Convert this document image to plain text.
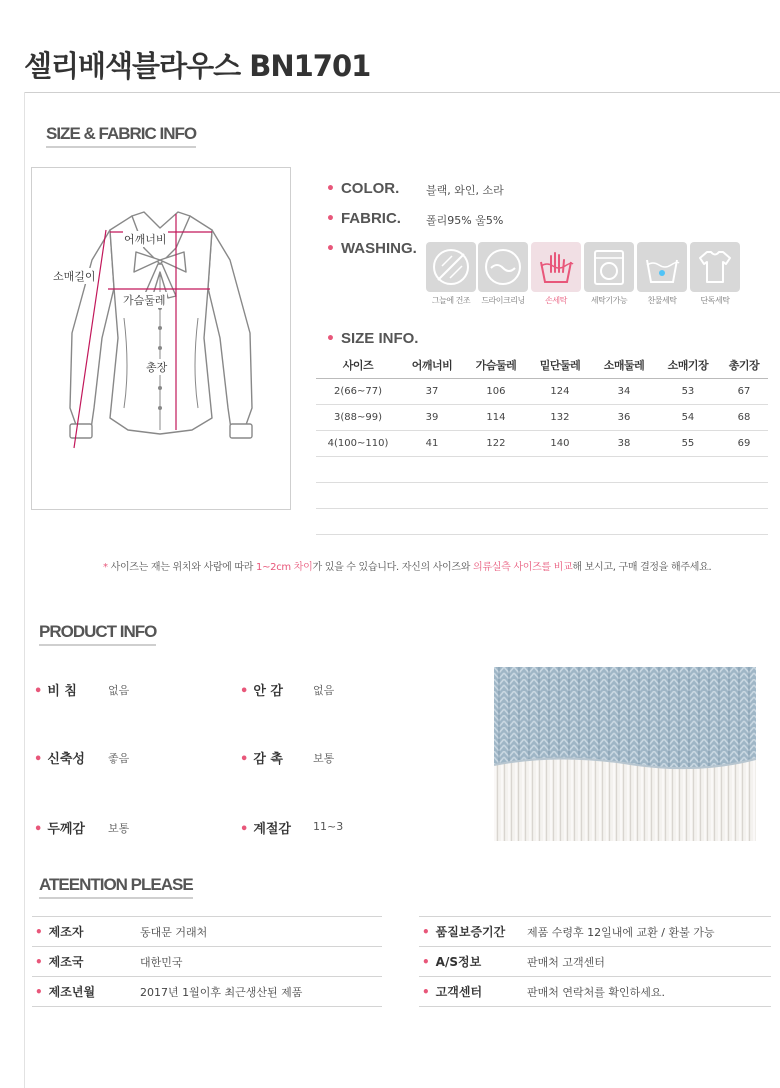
셀리배색블라우스 BN1701
SIZE & FABRIC INFO
어깨너비
소매길이
가슴둘레
총장
• COLOR. 블랙, 와인, 소라
• FABRIC. 폴리95% 울5%
• WASHING.
그늘에 건조	드라이크리닝	손세탁	세탁기가능	찬물세탁	단독세탁
• SIZE INFO.
사이즈	어깨너비	가슴둘레	밑단둘레	소매둘레	소매기장	총기장
2(66~77)	37	106	124	34	53	67
3(88~99)	39	114	132	36	54	68
4(100~110)	41	122	140	38	55	69

* 사이즈는 재는 위치와 사람에 따라 1~2cm 차이가 있을 수 있습니다. 자신의 사이즈와 의류실측 사이즈를 비교해 보시고, 구매 결정을 해주세요.
PRODUCT INFO
• 비 침	없음	• 안 감	없음
• 신축성 좋음	• 감 촉	보통
• 두께감 보통	• 계절감 11~3
ATEENTION PLEASE
• 제조자	동대문 거래처
• 제조국	대한민국
• 제조년월	2017년 1월이후 최근생산된 제품
• 품질보증기간	제품 수령후 12일내에 교환 / 환불 가능
• A/S정보	판매처 고객센터
• 고객센터	판매처 연락처를 확인하세요.
